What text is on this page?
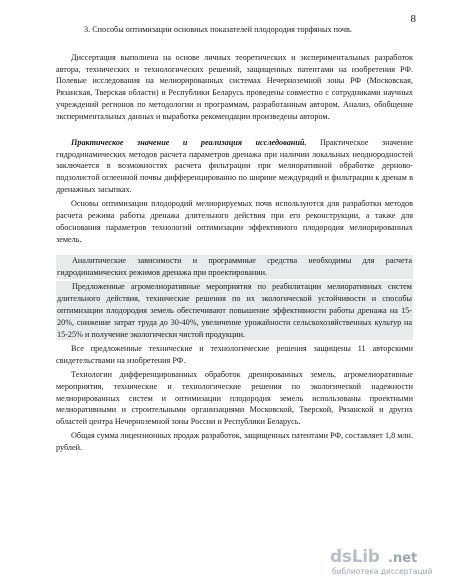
8

3. Способы оптимизации основных показателей плодородия торфяных почв.

Диссертация выполнена на основе личных теоретических и экспериментальных разработок автора, технических и технологических решений, защищенных патентами на изобретения РФ. Полевые исследования на мелиорированных системах Нечерноземной зоны РФ (Московская, Рязанская, Тверская области) и Республики Беларусь проведены совместно с сотрудниками научных учреждений регионов по методологии и программам, разработанным автором. Анализ, обобщение экспериментальных данных и выработка рекомендации произведены автором.

Практическое значение и реализация исследований. Практическое значение гидродинамических методов расчета параметров дренажа при наличии локальных неоднородностей заключается в возможностях расчета фильтрации при мелиоративной обработке дерново-подзолистой оглеенной почвы дифференцированно по ширине междурядий и фильтрации к дренам в дренажных засыпках.

Основы оптимизации плодородий мелиорируемых почв используются для разработки методов расчета режима работы дренажа длительного действия при его реконструкции, а также для обоснования параметров технологий оптимизации эффективного плодородия мелиорированных земель.

Аналитические зависимости и программные средства необходимы для расчета гидродинамических режимов дренажа при проектировании.

Предложенные агромелиоративные мероприятия по реабилитации мелиоративных систем длительного действия, технические решения по их экологической устойчивости и способы оптимизации плодородия земель обеспечивают повышение эффективности работы дренажа на 15-20%, снижение затрат труда до 30-40%, увеличение урожайности сельскохозяйственных культур на 15-25% и получение экологически чистой продукции.

Все предложенные технические и технологические решения защищены 11 авторскими свидетельствами на изобретения РФ.

Технологии дифференцированных обработок дренированных земель, агромелиоративные мероприятия, технические и технологические решения по экологической надежности мелиорированных систем и оптимизации плодородия земель использованы проектными мелиоративными и строительными организациями Московской, Тверской, Рязанской и других областей центра Нечерноземной зоны России и Республики Беларусь.

Общая сумма лицензионных продаж разработок, защищенных патентами РФ, составляет 1,8 млн. рублей.

dsLib .net
библиотека диссертаций
